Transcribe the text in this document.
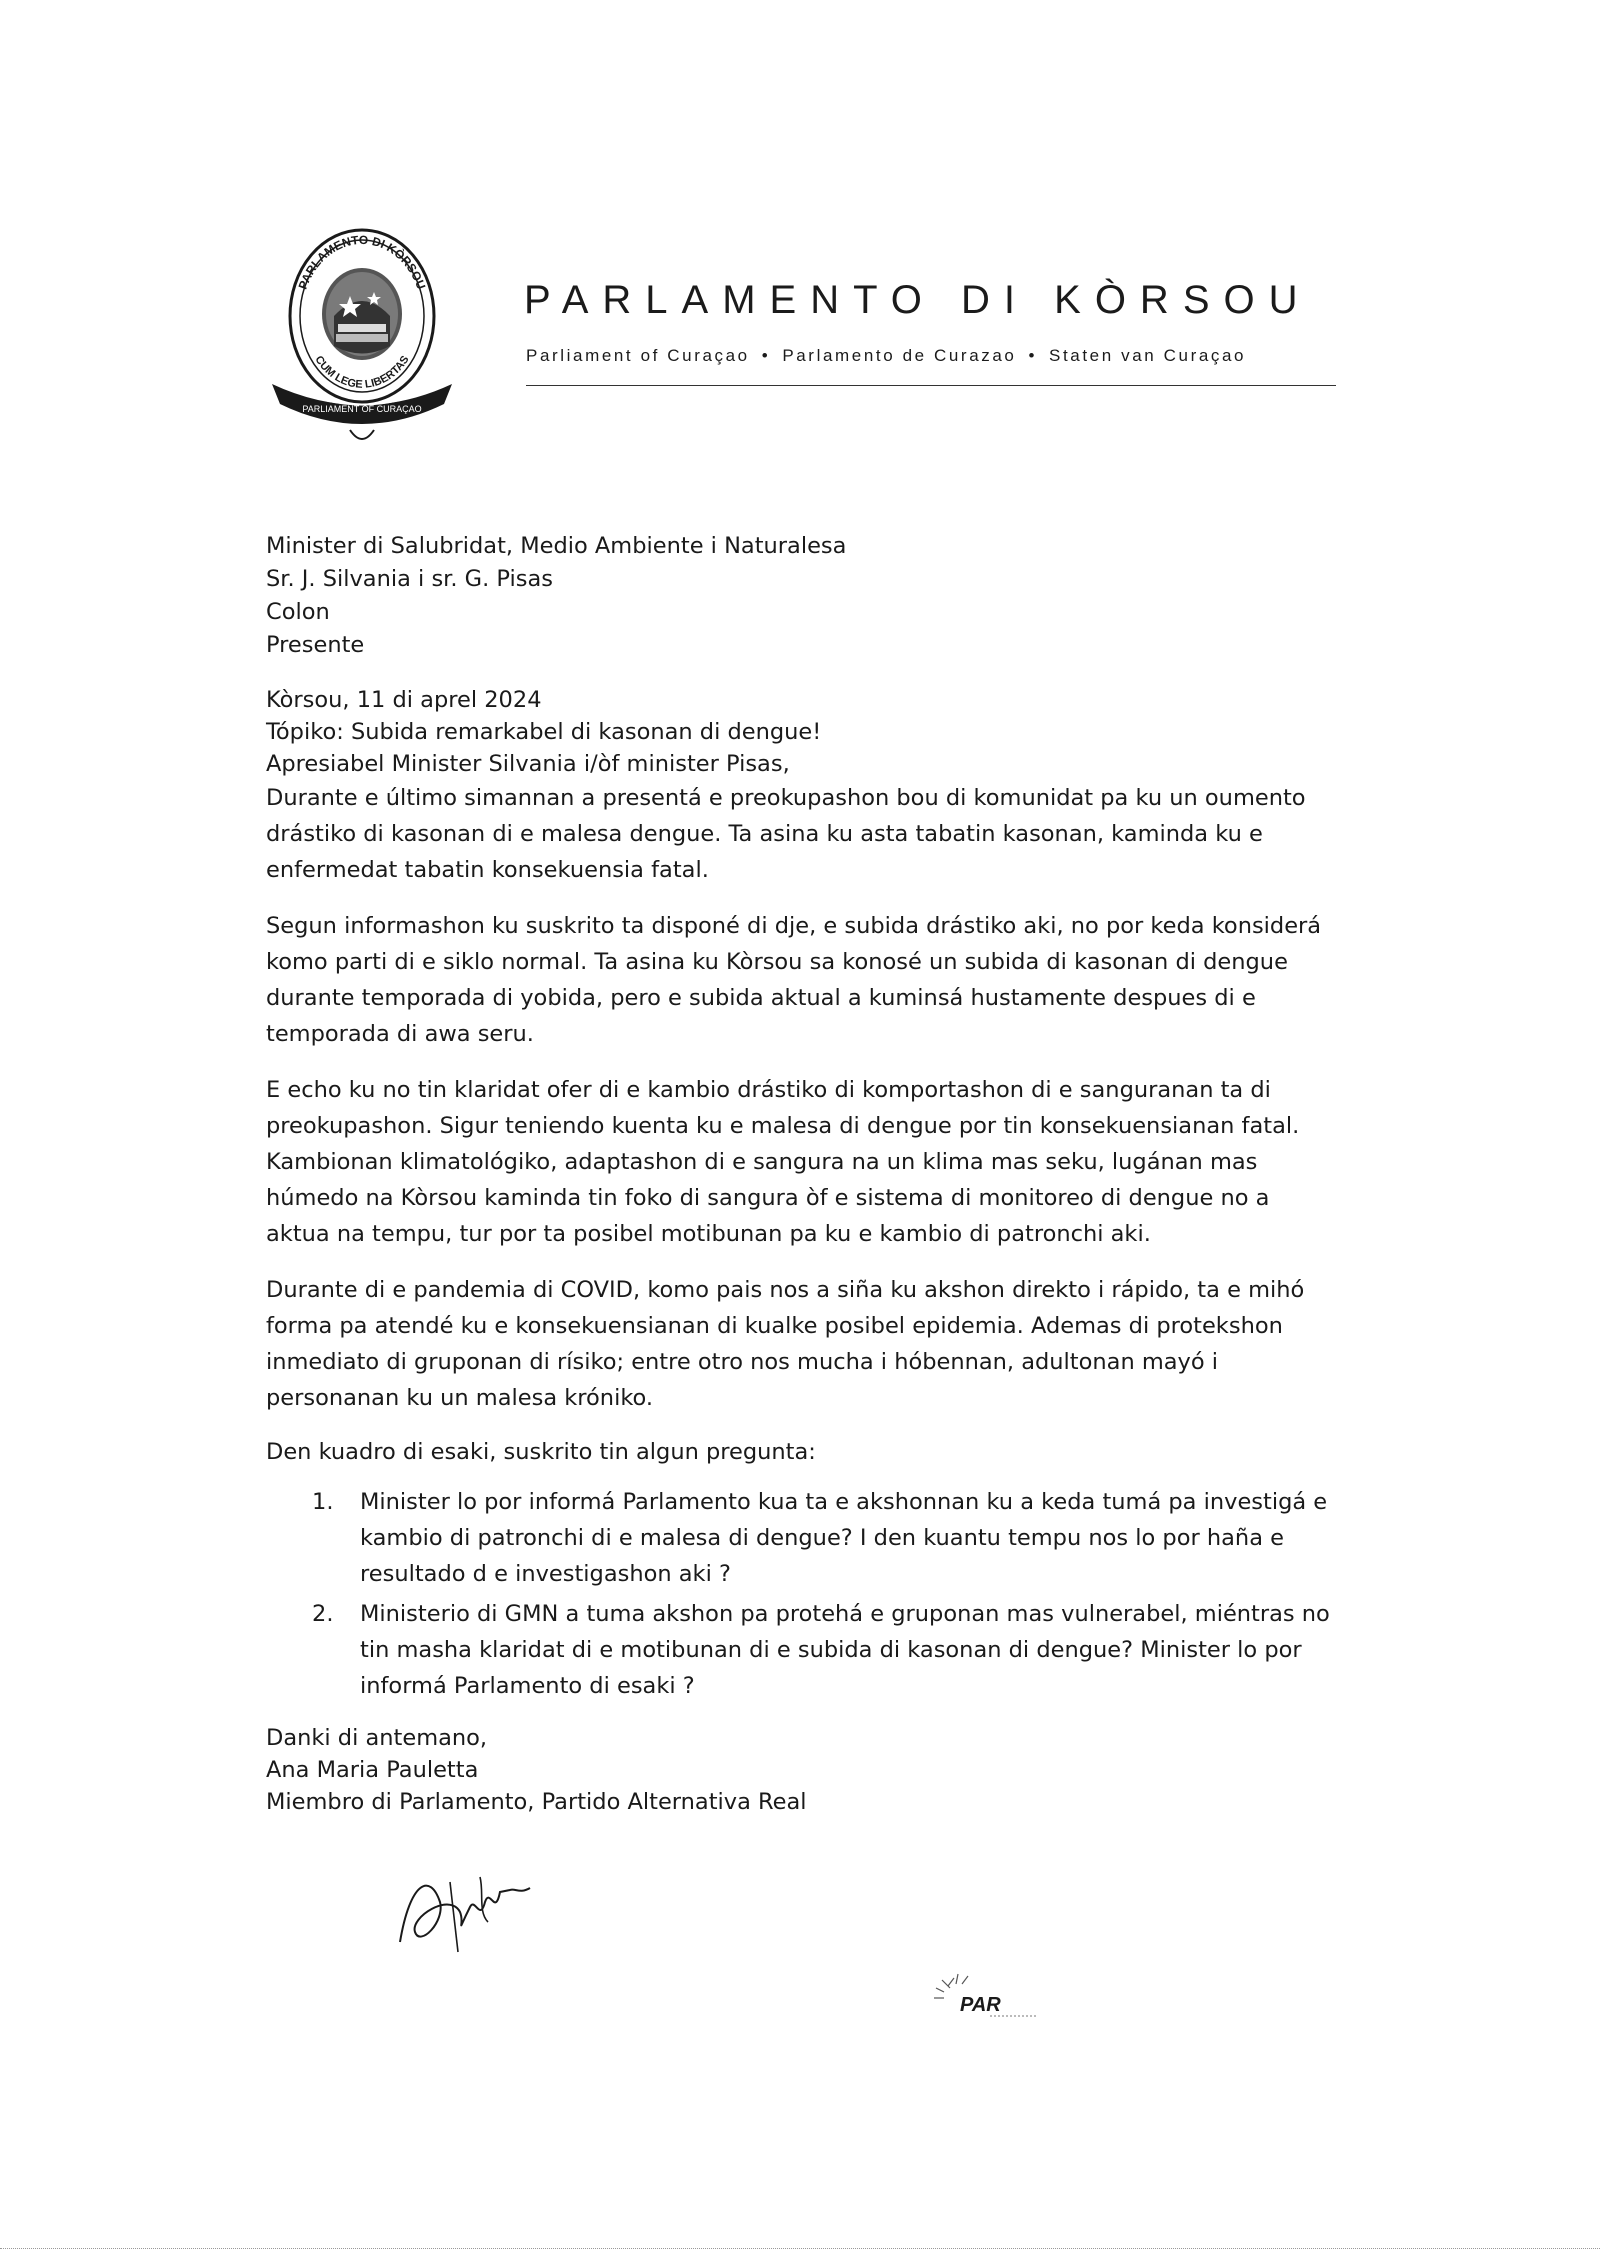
PARLIAMENT OF CURAÇAO
PARLAMENTO DI KÒRSOU
CUM LEGE LIBERTAS
PARLAMENTO DI KÒRSOU
Parliament of Curaçao • Parlamento de Curazao • Staten van Curaçao
Minister di Salubridat, Medio Ambiente i Naturalesa
Sr. J. Silvania i sr. G. Pisas
Colon
Presente

Kòrsou, 11 di aprel 2024

Tópiko: Subida remarkabel di kasonan di dengue!

Apresiabel Minister Silvania i/òf minister Pisas,

Durante e último simannan a presentá e preokupashon bou di komunidat pa ku un oumento drástiko di kasonan di e malesa dengue. Ta asina ku asta tabatin kasonan, kaminda ku e enfermedat tabatin konsekuensia fatal.

Segun informashon ku suskrito ta disponé di dje, e subida drástiko aki, no por keda konsiderá komo parti di e siklo normal. Ta asina ku Kòrsou sa konosé un subida di kasonan di dengue durante temporada di yobida, pero e subida aktual a kuminsá hustamente despues di e temporada di awa seru.

E echo ku no tin klaridat ofer di e kambio drástiko di komportashon di e sanguranan ta di preokupashon. Sigur teniendo kuenta ku e malesa di dengue por tin konsekuensianan fatal. Kambionan klimatológiko, adaptashon di e sangura na un klima mas seku, lugánan mas húmedo na Kòrsou kaminda tin foko di sangura òf e sistema di monitoreo di dengue no a aktua na tempu, tur por ta posibel motibunan pa ku e kambio di patronchi aki.

Durante di e pandemia di COVID, komo pais nos a siña ku akshon direkto i rápido, ta e mihó forma pa atendé ku e konsekuensianan di kualke posibel epidemia. Ademas di protekshon inmediato di gruponan di rísiko; entre otro nos mucha i hóbennan, adultonan mayó i personanan ku un malesa króniko.

Den kuadro di esaki, suskrito tin algun pregunta:

1. Minister lo por informá Parlamento kua ta e akshonnan ku a keda tumá pa investigá e kambio di patronchi di e malesa di dengue? I den kuantu tempu nos lo por haña e resultado d e investigashon aki ?
2. Ministerio di GMN a tuma akshon pa protehá e gruponan mas vulnerabel, miéntras no tin masha klaridat di e motibunan di e subida di kasonan di dengue? Minister lo por informá Parlamento di esaki ?

Danki di antemano,

Ana Maria Pauletta

Miembro di Parlamento, Partido Alternativa Real

PAR
